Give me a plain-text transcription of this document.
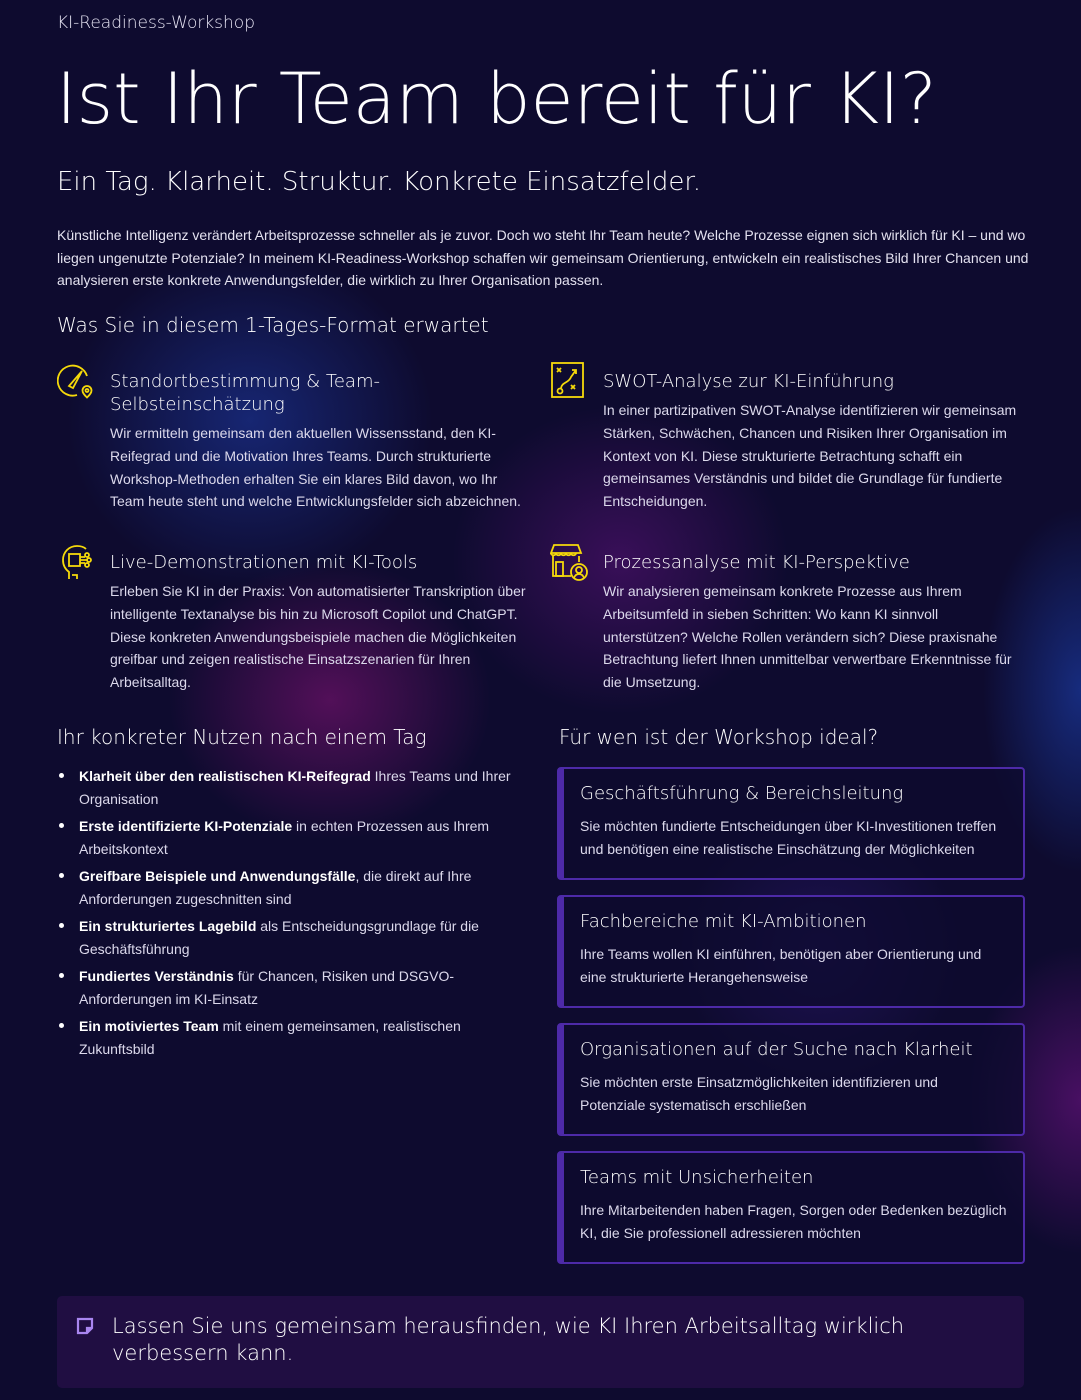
KI-Readiness-Workshop
Ist Ihr Team bereit für KI?
Ein Tag. Klarheit. Struktur. Konkrete Einsatzfelder.

Künstliche Intelligenz verändert Arbeitsprozesse schneller als je zuvor. Doch wo steht Ihr Team heute? Welche Prozesse eignen sich wirklich für KI – und wo liegen ungenutzte Potenziale? In meinem KI-Readiness-Workshop schaffen wir gemeinsam Orientierung, entwickeln ein realistisches Bild Ihrer Chancen und analysieren erste konkrete Anwendungsfelder, die wirklich zu Ihrer Organisation passen.

Was Sie in diesem 1-Tages-Format erwartet
Standortbestimmung & Team-Selbsteinschätzung
Wir ermitteln gemeinsam den aktuellen Wissensstand, den KI-Reifegrad und die Motivation Ihres Teams. Durch strukturierte Workshop-Methoden erhalten Sie ein klares Bild davon, wo Ihr Team heute steht und welche Entwicklungsfelder sich abzeichnen.
SWOT-Analyse zur KI-Einführung
In einer partizipativen SWOT-Analyse identifizieren wir gemeinsam Stärken, Schwächen, Chancen und Risiken Ihrer Organisation im Kontext von KI. Diese strukturierte Betrachtung schafft ein gemeinsames Verständnis und bildet die Grundlage für fundierte Entscheidungen.
Live-Demonstrationen mit KI-Tools
Erleben Sie KI in der Praxis: Von automatisierter Transkription über intelligente Textanalyse bis hin zu Microsoft Copilot und ChatGPT. Diese konkreten Anwendungsbeispiele machen die Möglichkeiten greifbar und zeigen realistische Einsatzszenarien für Ihren Arbeitsalltag.
Prozessanalyse mit KI-Perspektive
Wir analysieren gemeinsam konkrete Prozesse aus Ihrem Arbeitsumfeld in sieben Schritten: Wo kann KI sinnvoll unterstützen? Welche Rollen verändern sich? Diese praxisnahe Betrachtung liefert Ihnen unmittelbar verwertbare Erkenntnisse für die Umsetzung.
Ihr konkreter Nutzen nach einem Tag
Klarheit über den realistischen KI-Reifegrad Ihres Teams und Ihrer Organisation
Erste identifizierte KI-Potenziale in echten Prozessen aus Ihrem Arbeitskontext
Greifbare Beispiele und Anwendungsfälle, die direkt auf Ihre Anforderungen zugeschnitten sind
Ein strukturiertes Lagebild als Entscheidungsgrundlage für die Geschäftsführung
Fundiertes Verständnis für Chancen, Risiken und DSGVO-Anforderungen im KI-Einsatz
Ein motiviertes Team mit einem gemeinsamen, realistischen Zukunftsbild
Für wen ist der Workshop ideal?
Geschäftsführung & Bereichsleitung
Sie möchten fundierte Entscheidungen über KI-Investitionen treffen und benötigen eine realistische Einschätzung der Möglichkeiten
Fachbereiche mit KI-Ambitionen
Ihre Teams wollen KI einführen, benötigen aber Orientierung und eine strukturierte Herangehensweise
Organisationen auf der Suche nach Klarheit
Sie möchten erste Einsatzmöglichkeiten identifizieren und Potenziale systematisch erschließen
Teams mit Unsicherheiten
Ihre Mitarbeitenden haben Fragen, Sorgen oder Bedenken bezüglich KI, die Sie professionell adressieren möchten
Lassen Sie uns gemeinsam herausfinden, wie KI Ihren Arbeitsalltag wirklich verbessern kann.
